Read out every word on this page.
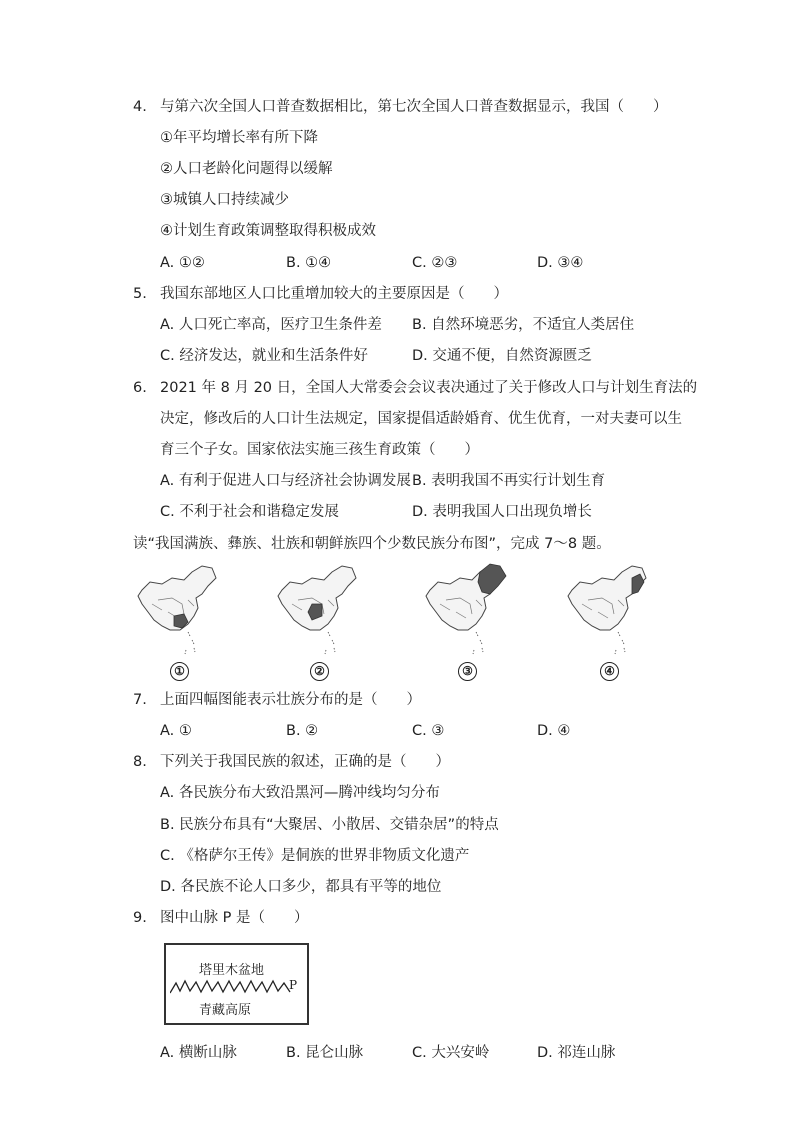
4. 与第六次全国人口普查数据相比，第七次全国人口普查数据显示，我国（　　）
①年平均增长率有所下降
②人口老龄化问题得以缓解
③城镇人口持续减少
④计划生育政策调整取得积极成效
A. ①②	B. ①④	C. ②③	D. ③④
5. 我国东部地区人口比重增加较大的主要原因是（　　）
A. 人口死亡率高，医疗卫生条件差 B. 自然环境恶劣，不适宜人类居住
C. 经济发达，就业和生活条件好	D. 交通不便，自然资源匮乏
6. 2021 年 8 月 20 日，全国人大常委会会议表决通过了关于修改人口与计划生育法的
决定，修改后的人口计生法规定，国家提倡适龄婚育、优生优育，一对夫妻可以生
育三个子女。国家依法实施三孩生育政策（　　）
A. 有利于促进人口与经济社会协调发展 B. 表明我国不再实行计划生育
C. 不利于社会和谐稳定发展	D. 表明我国人口出现负增长
读“我国满族、彝族、壮族和朝鲜族四个少数民族分布图”，完成 7～8 题。
①	②	③	④
7. 上面四幅图能表示壮族分布的是（　　）
A. ①	B. ②	C. ③	D. ④
8. 下列关于我国民族的叙述，正确的是（　　）
A. 各民族分布大致沿黑河—腾冲线均匀分布
B. 民族分布具有“大聚居、小散居、交错杂居”的特点
C. 《格萨尔王传》是侗族的世界非物质文化遗产
D. 各民族不论人口多少，都具有平等的地位
9. 图中山脉 P 是（　　）
塔里木盆地
P
青藏高原
A. 横断山脉	B. 昆仑山脉	C. 大兴安岭	D. 祁连山脉
